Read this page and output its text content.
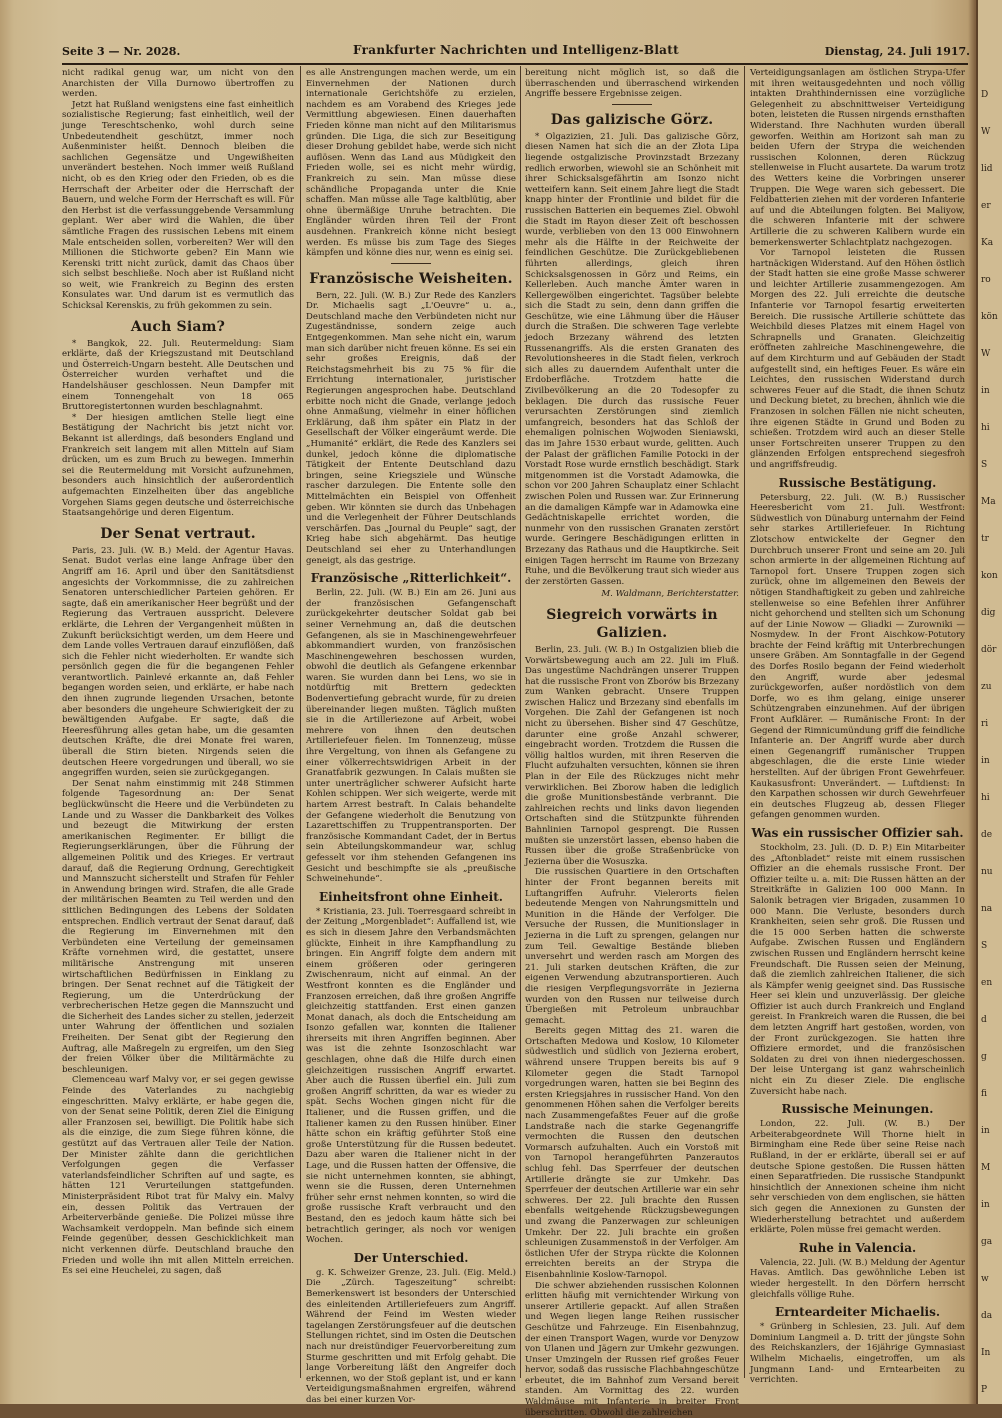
Seite 3 — Nr. 2028.	Frankfurter Nachrichten und Intelligenz-Blatt	Dienstag, 24. Juli 1917.

nicht radikal genug war, um nicht von den Anarchisten der Villa Durnowo übertroffen zu werden.

Jetzt hat Rußland wenigstens eine fast einheitlich sozialistische Regierung; fast einheitlich, weil der junge Tereschtschenko, wohl durch seine Unbedeutendheit geschützt, immer noch Außenminister heißt. Dennoch bleiben die sachlichen Gegensätze und Ungewißheiten unverändert bestehen. Noch immer weiß Rußland nicht, ob es den Krieg oder den Frieden, ob es die Herrschaft der Arbeiter oder die Herrschaft der Bauern, und welche Form der Herrschaft es will. Für den Herbst ist die verfassunggebende Versammlung geplant. Wer aber wird die Wahlen, die über sämtliche Fragen des russischen Lebens mit einem Male entscheiden sollen, vorbereiten? Wer will den Millionen die Stichworte geben? Ein Mann wie Kerenski tritt nicht zurück, damit das Chaos über sich selbst beschließe. Noch aber ist Rußland nicht so weit, wie Frankreich zu Beginn des ersten Konsulates war. Und darum ist es vermutlich das Schicksal Kerenskis, zu früh gekommen zu sein.

Auch Siam?

* Bangkok, 22. Juli. Reutermeldung: Siam erklärte, daß der Kriegszustand mit Deutschland und Österreich-Ungarn besteht. Alle Deutschen und Österreicher wurden verhaftet und die Handelshäuser geschlossen. Neun Dampfer mit einem Tonnengehalt von 18 065 Bruttoregistertonnen wurden beschlagnahmt.

* Der hiesigen amtlichen Stelle liegt eine Bestätigung der Nachricht bis jetzt nicht vor. Bekannt ist allerdings, daß besonders England und Frankreich seit langem mit allen Mitteln auf Siam drücken, um es zum Bruch zu bewegen. Immerhin sei die Reutermeldung mit Vorsicht aufzunehmen, besonders auch hinsichtlich der außerordentlich aufgemachten Einzelheiten über das angebliche Vorgehen Siams gegen deutsche und österreichische Staatsangehörige und deren Eigentum.

Der Senat vertraut.

Paris, 23. Juli. (W. B.) Meld. der Agentur Havas. Senat. Budot verlas eine lange Anfrage über den Angriff am 16. April und über den Sanitätsdienst angesichts der Vorkommnisse, die zu zahlreichen Senatoren unterschiedlicher Parteien gehören. Er sagte, daß ein amerikanischer Heer begrüßt und der Regierung das Vertrauen ausspricht. Delevere erklärte, die Lehren der Vergangenheit müßten in Zukunft berücksichtigt werden, um dem Heere und dem Lande volles Vertrauen darauf einzuflößen, daß sich die Fehler nicht wiederholten. Er wandte sich persönlich gegen die für die begangenen Fehler verantwortlich. Painlevé erkannte an, daß Fehler begangen worden seien, und erklärte, er habe nach den ihnen zugrunde liegenden Ursachen, betonte aber besonders die ungeheure Schwierigkeit der zu bewältigenden Aufgabe. Er sagte, daß die Heeresführung alles getan habe, um die gesamten deutschen Kräfte, die drei Monate frei waren, überall die Stirn bieten. Nirgends seien die deutschen Heere vorgedrungen und überall, wo sie angegriffen wurden, seien sie zurückgegangen.

Der Senat nahm einstimmig mit 248 Stimmen folgende Tagesordnung an: Der Senat beglückwünscht die Heere und die Verbündeten zu Lande und zu Wasser die Dankbarkeit des Volkes und bezeugt die Mitwirkung der ersten amerikanischen Regimenter. Er billigt die Regierungserklärungen, über die Führung der allgemeinen Politik und des Krieges. Er vertraut darauf, daß die Regierung Ordnung, Gerechtigkeit und Mannszucht sicherstellt und Strafen für Fehler in Anwendung bringen wird. Strafen, die alle Grade der militärischen Beamten zu Teil werden und den sittlichen Bedingungen des Lebens der Soldaten entsprechen. Endlich vertraut der Senat darauf, daß die Regierung im Einvernehmen mit den Verbündeten eine Verteilung der gemeinsamen Kräfte vornehmen wird, die gestattet, unsere militärische Anstrengung mit unseren wirtschaftlichen Bedürfnissen in Einklang zu bringen. Der Senat rechnet auf die Tätigkeit der Regierung, um die Unterdrückung der verbrecherischen Hetze gegen die Mannszucht und die Sicherheit des Landes sicher zu stellen, jederzeit unter Wahrung der öffentlichen und sozialen Freiheiten. Der Senat gibt der Regierung den Auftrag, alle Maßregeln zu ergreifen, um den Sieg der freien Völker über die Militärmächte zu beschleunigen.

Clemenceau warf Malvy vor, er sei gegen gewisse Feinde des Vaterlandes zu nachgiebig eingeschritten. Malvy erklärte, er habe gegen die, von der Senat seine Politik, deren Ziel die Einigung aller Franzosen sei, bewilligt. Die Politik habe sich als die einzige, die zum Siege führen könne, die gestützt auf das Vertrauen aller Teile der Nation. Der Minister zählte dann die gerichtlichen Verfolgungen gegen die Verfasser vaterlandsfeindlicher Schriften auf und sagte, es hätten 121 Verurteilungen stattgefunden. Ministerpräsident Ribot trat für Malvy ein. Malvy ein, dessen Politik das Vertrauen der Arbeiterverbände genieße. Die Polizei müsse ihre Wachsamkeit verdoppeln. Man befinde sich einem Feinde gegenüber, dessen Geschicklichkeit man nicht verkennen dürfe. Deutschland brauche den Frieden und wolle ihn mit allen Mitteln erreichen. Es sei eine Heuchelei, zu sagen, daß

es alle Anstrengungen machen werde, um ein Einvernehmen der Nationen durch internationale Gerichtshöfe zu erzielen, nachdem es am Vorabend des Krieges jede Vermittlung abgewiesen. Einen dauerhaften Frieden könne man nicht auf den Militarismus gründen. Die Liga, die sich zur Beseitigung dieser Drohung gebildet habe, werde sich nicht auflösen. Wenn das Land aus Müdigkeit den Frieden wolle, sei es nicht mehr würdig, Frankreich zu sein. Man müsse diese schändliche Propaganda unter die Knie schaffen. Man müsse alle Tage kaltblütig, aber ohne übermäßige Unruhe betrachten. Die Engländer würden ihren Teil der Front ausdehnen. Frankreich könne nicht besiegt werden. Es müsse bis zum Tage des Sieges kämpfen und könne dies nur, wenn es einig sei.

Französische Weisheiten.

Bern, 22. Juli. (W. B.) Zur Rede des Kanzlers Dr. Michaelis sagt „L'Oeuvre“ u. a., Deutschland mache den Verbündeten nicht nur Zugeständnisse, sondern zeige auch Entgegenkommen. Man sehe nicht ein, warum man sich darüber nicht freuen könne. Es sei ein sehr großes Ereignis, daß der Reichstagsmehrheit bis zu 75 % für die Errichtung internationaler, juristischer Regierungen angesprochen habe. Deutschland erbitte noch nicht die Gnade, verlange jedoch ohne Anmaßung, vielmehr in einer höflichen Erklärung, daß ihm später ein Platz in der Gesellschaft der Völker eingeräumt werde. Die „Humanité“ erklärt, die Rede des Kanzlers sei dunkel, jedoch könne die diplomatische Tätigkeit der Entente Deutschland dazu bringen, seine Kriegsziele und Wünsche rascher darzulegen. Die Entente solle den Mittelmächten ein Beispiel von Offenheit geben. Wir könnten sie durch das Unbehagen und die Verlegenheit der Führer Deutschlands verschärfen. Das „Journal du Peuple“ sagt, der Krieg habe sich abgehärmt. Das heutige Deutschland sei eher zu Unterhandlungen geneigt, als das gestrige.

Französische „Ritterlichkeit“.

Berlin, 22. Juli. (W. B.) Ein am 26. Juni aus der französischen Gefangenschaft zurückgekehrter deutscher Soldat gab bei seiner Vernehmung an, daß die deutschen Gefangenen, als sie in Maschinengewehrfeuer abkommandiert wurden, von französischen Maschinengewehren beschossen wurden, obwohl die deutlich als Gefangene erkennbar waren. Sie wurden dann bei Lens, wo sie in notdürftig mit Brettern gedeckten Bodenvertiefung gebracht wurde, für zu dreien übereinander liegen mußten. Täglich mußten sie in die Artilleriezone auf Arbeit, wobei mehrere von ihnen den deutschen Artilleriefeuer fielen. Im Tonnenzeug, müsse ihre Vergeltung, von ihnen als Gefangene zu einer völkerrechtswidrigen Arbeit in der Granatfabrik gezwungen. In Calais mußten sie unter unerträglicher schwerer Aufsicht harte Kohlen schippen. Wer sich weigerte, werde mit hartem Arrest bestraft. In Calais behandelte der Gefangene wiederholt die Benutzung von Lazarettschiffen zu Truppentransporten. Der französische Kommandant Cadet, der in Bertus sein Abteilungskommandeur war, schlug gefesselt vor ihm stehenden Gefangenen ins Gesicht und beschimpfte sie als „preußische Schweinehunde“.

Einheitsfront ohne Einheit.

* Kristiania, 23. Juli. Toerresgaard schreibt in der Zeitung „Morgenbladet“: Auffallend ist, wie es sich in diesem Jahre den Verbandsmächten glückte, Einheit in ihre Kampfhandlung zu bringen. Ein Angriff folgte dem andern mit einem größeren oder geringeren Zwischenraum, nicht auf einmal. An der Westfront konnten es die Engländer und Franzosen erreichen, daß ihre großen Angriffe gleichzeitig stattfanden. Erst einen ganzen Monat danach, als doch die Entscheidung am Isonzo gefallen war, konnten die Italiener ihrerseits mit ihren Angriffen beginnen. Aber was ist die zehnte Isonzoschlacht war geschlagen, ohne daß die Hilfe durch einen gleichzeitigen russischen Angriff erwartet. Aber auch die Russen überfiel ein. Juli zum großen Angriff schritten, da war es wieder zu spät. Sechs Wochen gingen nicht für die Italiener, und die Russen griffen, und die Italiener kamen zu den Russen hinüber. Einer hätte schon ein kräftig geführter Stoß eine große Unterstützung für die Russen bedeutet. Dazu aber waren die Italiener nicht in der Lage, und die Russen hatten der Offensive, die sie nicht unternehmen konnten, sie abhingt, wenn sie die Russen, deren Unternehmen früher sehr ernst nehmen konnten, so wird die große russische Kraft verbraucht und den Bestand, den es jedoch kaum hätte sich bei betrachtlich geringer, als noch vor wenigen Wochen.

Der Unterschied.

g. K. Schweizer Grenze, 23. Juli. (Eig. Meld.) Die „Zürch. Tageszeitung“ schreibt: Bemerkenswert ist besonders der Unterschied des einleitenden Artilleriefeuers zum Angriff. Während der Feind im Westen wieder tagelangen Zerstörungsfeuer auf die deutschen Stellungen richtet, sind im Osten die Deutschen nach nur dreistündiger Feuervorbereitung zum Sturme geschritten und mit Erfolg gehabt. Die lange Vorbereitung läßt den Angreifer doch erkennen, wo der Stoß geplant ist, und er kann Verteidigungsmaßnahmen ergreifen, während das bei einer kurzen Vor-

bereitung nicht möglich ist, so daß die überraschenden und überraschend wirkenden Angriffe bessere Ergebnisse zeigen.

Das galizische Görz.

* Olgazizien, 21. Juli. Das galizische Görz, diesen Namen hat sich die an der Złota Lipa liegende ostgalizische Provinzstadt Brzezany redlich erworben, wiewohl sie an Schönheit mit ihrer Schicksalsgefährtin am Isonzo nicht wetteifern kann. Seit einem Jahre liegt die Stadt knapp hinter der Frontlinie und bildet für die russischen Batterien ein bequemes Ziel. Obwohl die Stadt im Rayon dieser Zeit oft beschossen wurde, verblieben von den 13 000 Einwohnern mehr als die Hälfte in der Reichweite der feindlichen Geschütze. Die Zurückgebliebenen führten allerdings, gleich ihren Schicksalsgenossen in Görz und Reims, ein Kellerleben. Auch manche Ämter waren in Kellergewölben eingerichtet. Tagsüber belebte sich die Stadt zu sein, denn dann griffen die Geschütze, wie eine Lähmung über die Häuser durch die Straßen. Die schweren Tage verlebte jedoch Brzezany während des letzten Russenangriffs. Als die ersten Granaten des Revolutionsheeres in die Stadt fielen, verkroch sich alles zu dauerndem Aufenthalt unter die Erdoberfläche. Trotzdem hatte die Zivilbevölkerung an die 20 Todesopfer zu beklagen. Die durch das russische Feuer verursachten Zerstörungen sind ziemlich umfangreich, besonders hat das Schloß der ehemaligen polnischen Wojwoden Sieniawski, das im Jahre 1530 erbaut wurde, gelitten. Auch der Palast der gräflichen Familie Potocki in der Vorstadt Rose wurde ernstlich beschädigt. Stark mitgenommen ist die Vorstadt Adamowka, die schon vor 200 Jahren Schauplatz einer Schlacht zwischen Polen und Russen war. Zur Erinnerung an die damaligen Kämpfe war in Adamowka eine Gedächtniskapelle errichtet worden, die nunmehr von den russischen Granaten zerstört wurde. Geringere Beschädigungen erlitten in Brzezany das Rathaus und die Hauptkirche. Seit einigen Tagen herrscht im Raume von Brzezany Ruhe, und die Bevölkerung traut sich wieder aus der zerstörten Gassen.

M. Waldmann, Berichterstatter.
Siegreich vorwärts in Galizien.

Berlin, 23. Juli. (W. B.) In Ostgalizien blieb die Vorwärtsbewegung auch am 22. Juli im Fluß. Das ungestüme Nachdrängen unserer Truppen hat die russische Front von Zborów bis Brzezany zum Wanken gebracht. Unsere Truppen zwischen Halicz und Brzezany sind ebenfalls im Vorgehen. Die Zahl der Gefangenen ist noch nicht zu übersehen. Bisher sind 47 Geschütze, darunter eine große Anzahl schwerer, eingebracht worden. Trotzdem die Russen die völlig haltlos wurden, mit ihren Reserven die Flucht aufzuhalten versuchten, können sie ihren Plan in der Eile des Rückzuges nicht mehr verwirklichen. Bei Zborow haben die lediglich die große Munitionsbestände verbrannt. Die zahlreichen rechts und links davon liegenden Ortschaften sind die Stützpunkte führenden Bahnlinien Tarnopol gesprengt. Die Russen mußten sie unzerstört lassen, ebenso haben die Russen über die große Straßenbrücke von Jezierna über die Wosuszka.

Die russischen Quartiere in den Ortschaften hinter der Front begannen bereits mit Luftangriffen Aufruhr. Vielerorts fielen bedeutende Mengen von Nahrungsmitteln und Munition in die Hände der Verfolger. Die Versuche der Russen, die Munitionslager in Jezierna in die Luft zu sprengen, gelangen nur zum Teil. Gewaltige Bestände blieben unversehrt und werden rasch am Morgen des 21. Juli starken deutschen Kräften, die zur eigenen Verwendung abzutransportieren. Auch die riesigen Verpflegungsvorräte in Jezierna wurden von den Russen nur teilweise durch Übergießen mit Petroleum unbrauchbar gemacht.

Bereits gegen Mittag des 21. waren die Ortschaften Medowa und Koslow, 10 Kilometer südwestlich und südlich von Jezierna erobert, während unsere Truppen bereits bis auf 9 Kilometer gegen die Stadt Tarnopol vorgedrungen waren, hatten sie bei Beginn des ersten Kriegsjahres in russischer Hand. Von den genommenen Höhen sahen die Verfolger bereits nach Zusammengefaßtes Feuer auf die große Landstraße nach die starke Gegenangriffe vermochten die Russen den deutschen Vormarsch aufzuhalten. Auch ein Vorstoß mit von Tarnopol herangeführten Panzerautos schlug fehl. Das Sperrfeuer der deutschen Artillerie drängte sie zur Umkehr. Das Sperrfeuer der deutschen Artillerie war ein sehr schweres. Der 22. Juli brachte den Russen ebenfalls weitgehende Rückzugsbewegungen und zwang die Panzerwagen zur schleunigen Umkehr. Der 22. Juli brachte ein großen schleunigen Zusammenstoß in der Verfolger. Am östlichen Ufer der Strypa rückte die Kolonnen erreichten bereits an der Strypa die Eisenbahnlinie Koslow-Tarnopol.

Die schwer abziehenden russischen Kolonnen erlitten häufig mit vernichtender Wirkung von unserer Artillerie gepackt. Auf allen Straßen und Wegen liegen lange Reihen russischer Geschütze und Fahrzeuge. Ein Eisenbahnzug, der einen Transport Wagen, wurde vor Denyzow von Ulanen und Jägern zur Umkehr gezwungen. Unser Umzingeln der Russen rief großes Feuer hervor, sodaß das russische Flachbahngeschütze erbeutet, die im Bahnhof zum Versand bereit standen. Am Vormittag des 22. wurden Waldmäuse mit Infanterie in breiter Front überschritten. Obwohl die zahlreichen

Verteidigungsanlagen am östlichen Strypa-Ufer mit ihren weitausgedehnten und noch völlig intakten Drahthindernissen eine vorzügliche Gelegenheit zu abschnittweiser Verteidigung boten, leisteten die Russen nirgends ernsthaften Widerstand. Ihre Nachhuten wurden überall geworfen. Weithin am Horizont sah man zu beiden Ufern der Strypa die weichenden russischen Kolonnen, deren Rückzug stellenweise in Flucht ausartete. Da warum trotz des Wetters keine die Vorbringen unserer Truppen. Die Wege waren sich gebessert. Die Feldbatterien ziehen mit der vorderen Infanterie auf und die Abteilungen folgten. Bei Maliyow, die schweren Infanterie mit der schwere Artillerie die zu schweren Kalibern wurde ein bemerkenswerter Schlachtplatz nachgezogen.

Vor Tarnopol leisteten die Russen hartnäckigen Widerstand. Auf den Höhen östlich der Stadt hatten sie eine große Masse schwerer und leichter Artillerie zusammengezogen. Am Morgen des 22. Juli erreichte die deutsche Infanterie vor Tarnopol fesartig erweiterten Bereich. Die russische Artillerie schüttete das Weichbild dieses Platzes mit einem Hagel von Schrapnells und Granaten. Gleichzeitig eröffneten zahlreiche Maschinengewehre, die auf dem Kirchturm und auf Gebäuden der Stadt aufgestellt sind, ein heftiges Feuer. Es wäre ein Leichtes, den russischen Widerstand durch schweres Feuer auf die Stadt, die ihnen Schutz und Deckung bietet, zu brechen, ähnlich wie die Franzosen in solchen Fällen nie nicht scheuten, ihre eigenen Städte in Grund und Boden zu schießen. Trotzdem wird auch an dieser Stelle unser Fortschreiten unserer Truppen zu den glänzenden Erfolgen entsprechend siegesfroh und angriffsfreudig.

Russische Bestätigung.

Petersburg, 22. Juli. (W. B.) Russischer Heeresbericht vom 21. Juli. Westfront: Südwestlich von Dünaburg unternahm der Feind sehr starkes Artilleriefeuer. In Richtung Zlotschow entwickelte der Gegner den Durchbruch unserer Front und seine am 20. Juli schon armierte in der allgemeinen Richtung auf Tarnopol fort. Unsere Truppen zogen sich zurück, ohne im allgemeinen den Beweis der nötigen Standhaftigkeit zu geben und zahlreiche stellenweise so eine Befehlen ihrer Anführer nicht gehorchend und stellten sich um Schonung auf der Linie Nowow — Gliadki — Zurowniki — Nosmydew. In der Front Aischkow-Potutory brachte der Feind kräftig mit Unterbrechungen unsere Gräben. Am Sonntagfalle in der Gegend des Dorfes Rosilo begann der Feind wiederholt den Angriff, wurde aber jedesmal zurückgeworfen, außer nordöstlich von dem Dorfe, wo es ihm gelang, einige unserer Schützengraben einzunehmen. Auf der übrigen Front Aufklärer. — Rumänische Front: In der Gegend der Rimnicumündung griff die feindliche Infanterie an. Der Angriff wurde aber durch einen Gegenangriff rumänischer Truppen abgeschlagen, die die erste Linie wieder herstellten. Auf der übrigen Front Gewehrfeuer. Kaukasusfront: Unverändert. — Luftdienst: In den Karpathen schossen wir durch Gewehrfeuer ein deutsches Flugzeug ab, dessen Flieger gefangen genommen wurden.

Was ein russischer Offizier sah.

Stockholm, 23. Juli. (D. D. P.) Ein Mitarbeiter des „Aftonbladet“ reiste mit einem russischen Offizier an die ehemals russische Front. Der Offizier teilte u. a. mit: Die Russen hätten an der Streitkräfte in Galizien 100 000 Mann. In Salonik betragen vier Brigaden, zusammen 10 000 Mann. Die Verluste, besonders durch Krankheiten, seien sehr groß. Die Russen und die 15 000 Serben hatten die schwerste Aufgabe. Zwischen Russen und Engländern zwischen Russen und Engländern herrscht keine Freundschaft. Die Russen seien der Meinung, daß die ziemlich zahlreichen Italiener, die sich als Kämpfer wenig geeignet sind. Das Russische Heer sei klein und unzuverlässig. Der gleiche Offizier ist auch durch Frankreich und England gereist. In Frankreich waren die Russen, die bei dem letzten Angriff hart gestoßen, worden, von der Front zurückgezogen. Sie hatten ihre Offiziere ermordet, und die französischen Soldaten zu drei von ihnen niedergeschossen. Der leise Untergang ist ganz wahrscheinlich nicht ein Zu dieser Ziele. Die englische Zuversicht habe nach.

Russische Meinungen.

London, 22. Juli. (W. B.) Der Arbeiterabgeordnete Will Thorne hielt in Birmingham eine Rede über seine Reise nach Rußland, in der er erklärte, überall sei er auf deutsche Spione gestoßen. Die Russen hätten einen Separatfrieden. Die russische Standpunkt hinsichtlich der Annexionen scheine ihm nicht sehr verschieden von dem englischen, sie hätten sich gegen die Annexionen zu Gunsten der Wiederherstellung betrachtet und außerdem erklärte, Polen müsse frei gemacht werden.

Ruhe in Valencia.

Valencia, 22. Juli. (W. B.) Meldung der Agentur Havas. Amtlich. Das gewöhnliche Leben ist wieder hergestellt. In den Dörfern herrscht gleichfalls völlige Ruhe.

Ernteardeiter Michaelis.

* Grünberg in Schlesien, 23. Juli. Auf dem Dominium Langmeil a. D. tritt der jüngste Sohn des Reichskanzlers, der 16jährige Gymnasiast Wilhelm Michaelis, eingetroffen, um als Jungmann Land- und Erntearbeiten zu verrichten.

D
W
lid
er
Ka
ro
kön
W
in
hi
S
Ma
tr
kon
dig
dör
zu
ri
in
hi
de
nu
na
S
en
d
g
fi
in
M
in
ga
w
da
In
P
